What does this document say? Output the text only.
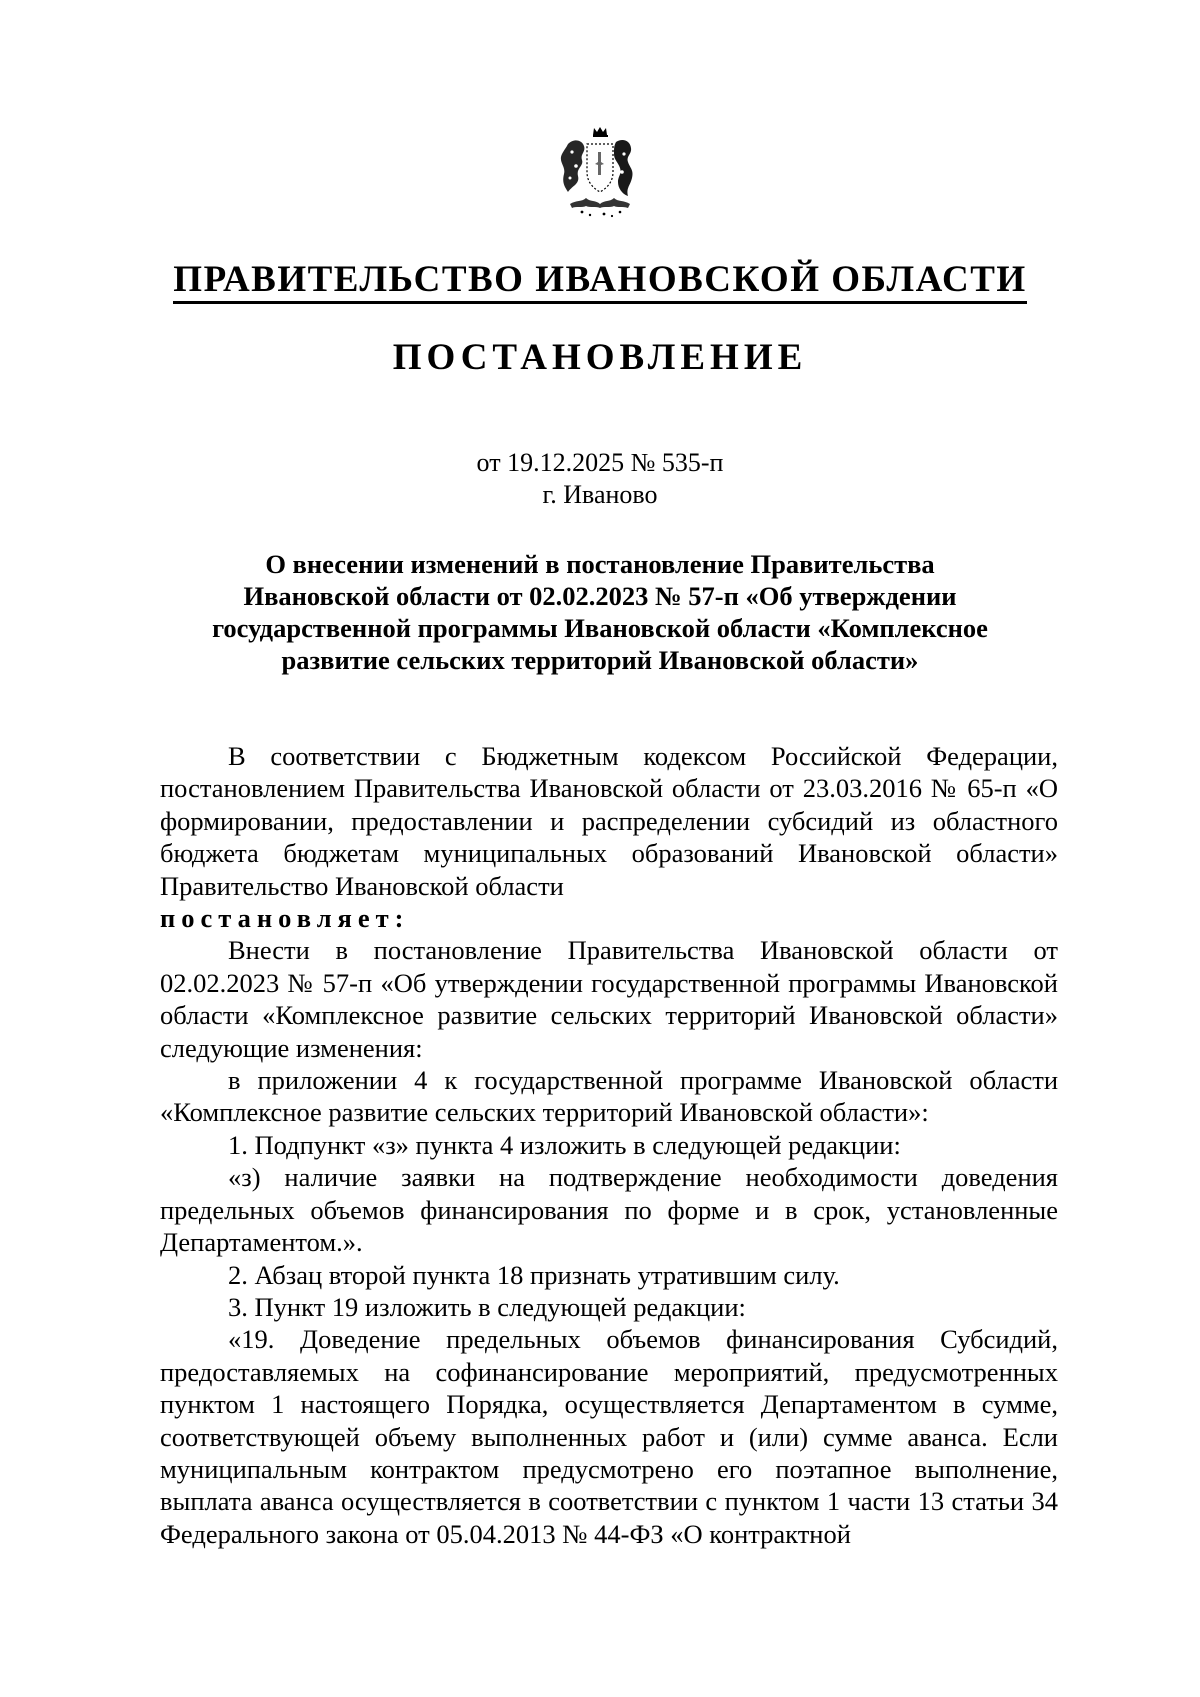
ПРАВИТЕЛЬСТВО ИВАНОВСКОЙ ОБЛАСТИ
ПОСТАНОВЛЕНИЕ
от 19.12.2025 № 535-п
г. Иваново
О внесении изменений в постановление Правительства
Ивановской области от 02.02.2023 № 57-п «Об утверждении
государственной программы Ивановской области «Комплексное
развитие сельских территорий Ивановской области»

В соответствии с Бюджетным кодексом Российской Федерации, постановлением Правительства Ивановской области от 23.03.2016 № 65-п «О формировании, предоставлении и распределении субсидий из областного бюджета бюджетам муниципальных образований Ивановской области» Правительство Ивановской области

постановляет:

Внести в постановление Правительства Ивановской области от 02.02.2023 № 57-п «Об утверждении государственной программы Ивановской области «Комплексное развитие сельских территорий Ивановской области» следующие изменения:

в приложении 4 к государственной программе Ивановской области «Комплексное развитие сельских территорий Ивановской области»:

1. Подпункт «з» пункта 4 изложить в следующей редакции:

«з) наличие заявки на подтверждение необходимости доведения предельных объемов финансирования по форме и в срок, установленные Департаментом.».

2. Абзац второй пункта 18 признать утратившим силу.

3. Пункт 19 изложить в следующей редакции:

«19. Доведение предельных объемов финансирования Субсидий, предоставляемых на софинансирование мероприятий, предусмотренных пунктом 1 настоящего Порядка, осуществляется Департаментом в сумме, соответствующей объему выполненных работ и (или) сумме аванса. Если муниципальным контрактом предусмотрено его поэтапное выполнение, выплата аванса осуществляется в соответствии с пунктом 1 части 13 статьи 34 Федерального закона от 05.04.2013 № 44-ФЗ «О контрактной
